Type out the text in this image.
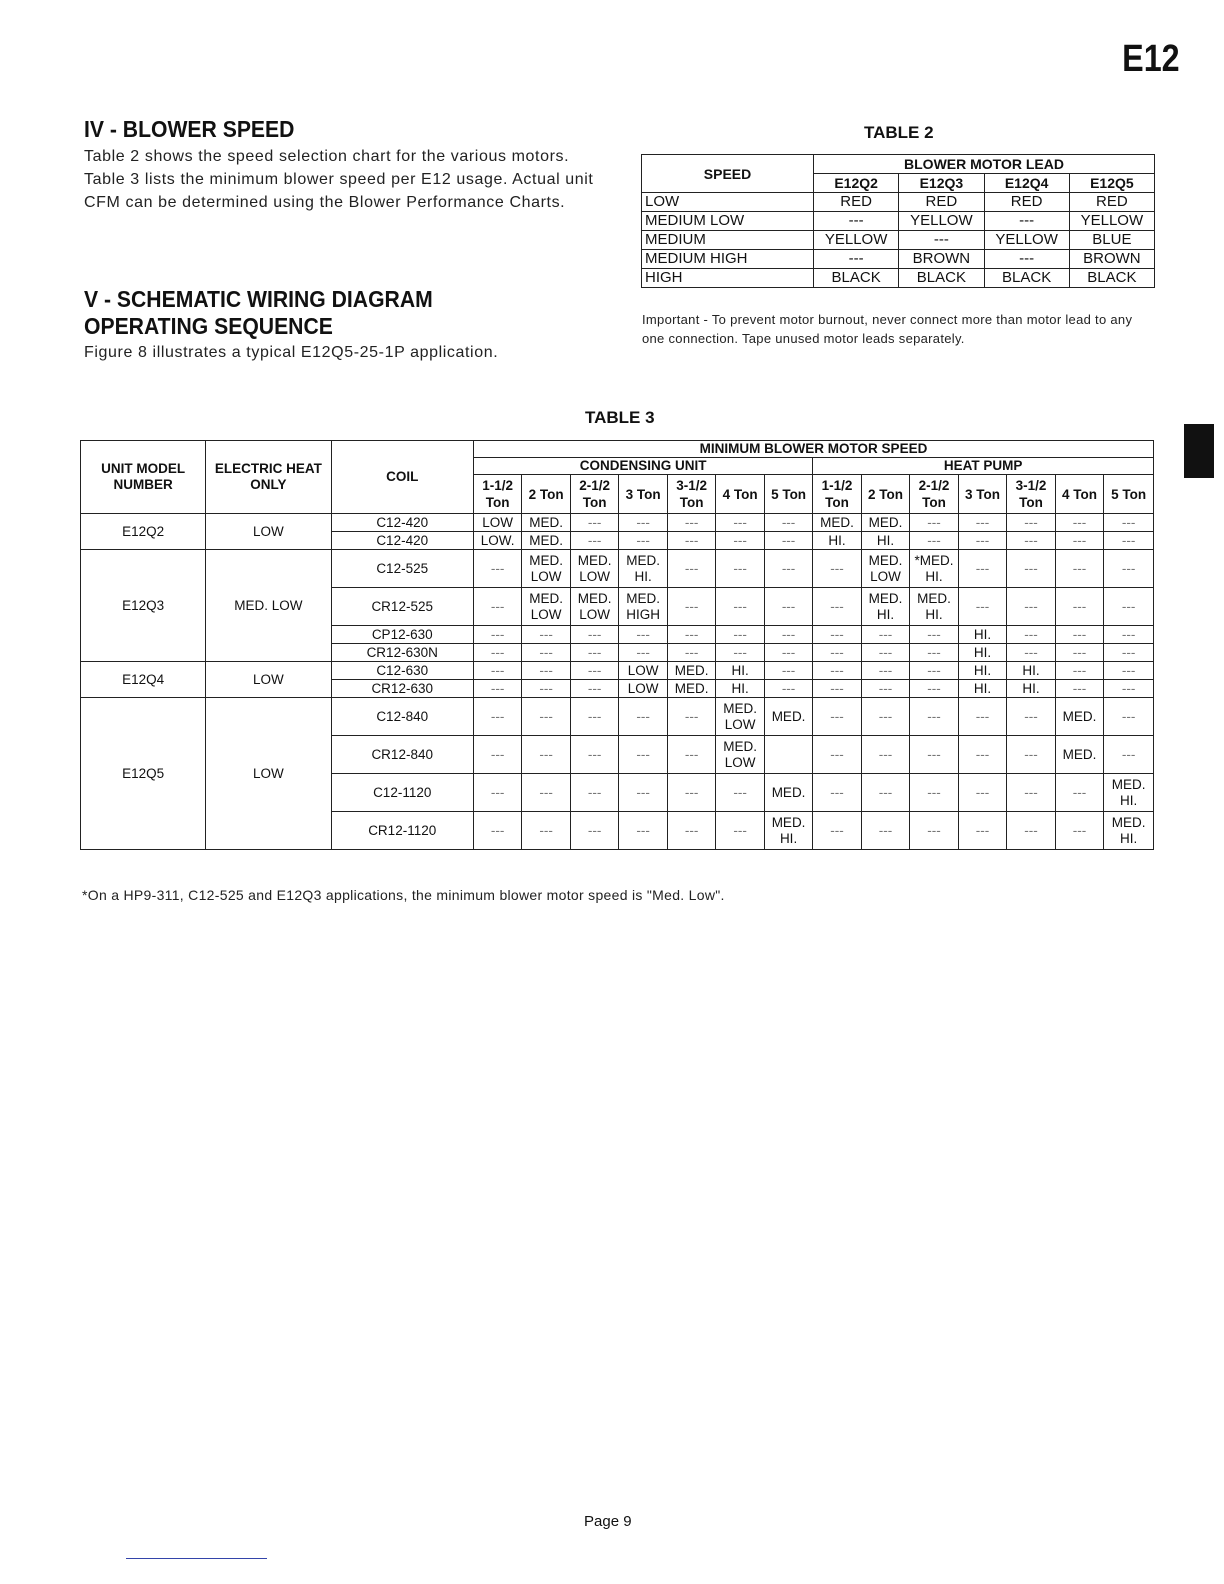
E12
IV - BLOWER SPEED
Table 2 shows the speed selection chart for the various motors. Table 3 lists the minimum blower speed per E12 usage. Actual unit CFM can be determined using the Blower Performance Charts.
V - SCHEMATIC WIRING DIAGRAM
OPERATING SEQUENCE
Figure 8 illustrates a typical E12Q5-25-1P application.
TABLE 2
SPEED	BLOWER MOTOR LEAD			
	E12Q2	E12Q3	E12Q4	E12Q5
LOW	RED	RED	RED	RED
MEDIUM LOW	---	YELLOW	---	YELLOW
MEDIUM	YELLOW	---	YELLOW	BLUE
MEDIUM HIGH	---	BROWN	---	BROWN
HIGH	BLACK	BLACK	BLACK	BLACK
Important - To prevent motor burnout, never connect more than motor lead to any one connection. Tape unused motor leads separately.
TABLE 3
UNIT MODEL NUMBER	ELECTRIC HEAT ONLY	COIL	MINIMUM BLOWER MOTOR SPEED													
			CONDENSING UNIT							HEAT PUMP						
			1-1/2 Ton	2 Ton	2-1/2 Ton	3 Ton	3-1/2 Ton	4 Ton	5 Ton	1-1/2 Ton	2 Ton	2-1/2 Ton	3 Ton	3-1/2 Ton	4 Ton	5 Ton
E12Q2	LOW	C12-420	LOW	MED.	---	---	---	---	---	MED.	MED.	---	---	---	---	---
		C12-420	LOW.	MED.	---	---	---	---	---	HI.	HI.	---	---	---	---	---
E12Q3	MED. LOW	C12-525	---	MED. LOW	MED. LOW	MED. HI.	---	---	---	---	MED. LOW	*MED. HI.	---	---	---	---
		CR12-525	---	MED. LOW	MED. LOW	MED. HIGH	---	---	---	---	MED. HI.	MED. HI.	---	---	---	---
		CP12-630	---	---	---	---	---	---	---	---	---	---	HI.	---	---	---
		CR12-630N	---	---	---	---	---	---	---	---	---	---	HI.	---	---	---
E12Q4	LOW	C12-630	---	---	---	LOW	MED.	HI.	---	---	---	---	HI.	HI.	---	---
		CR12-630	---	---	---	LOW	MED.	HI.	---	---	---	---	HI.	HI.	---	---
E12Q5	LOW	C12-840	---	---	---	---	---	MED. LOW	MED.	---	---	---	---	---	MED.	---
		CR12-840	---	---	---	---	---	MED. LOW		---	---	---	---	---	MED.	---
		C12-1120	---	---	---	---	---	---	MED.	---	---	---	---	---	---	MED. HI.
		CR12-1120	---	---	---	---	---	---	MED. HI.	---	---	---	---	---	---	MED. HI.
*On a HP9-311, C12-525 and E12Q3 applications, the minimum blower motor speed is "Med. Low".
Page 9
